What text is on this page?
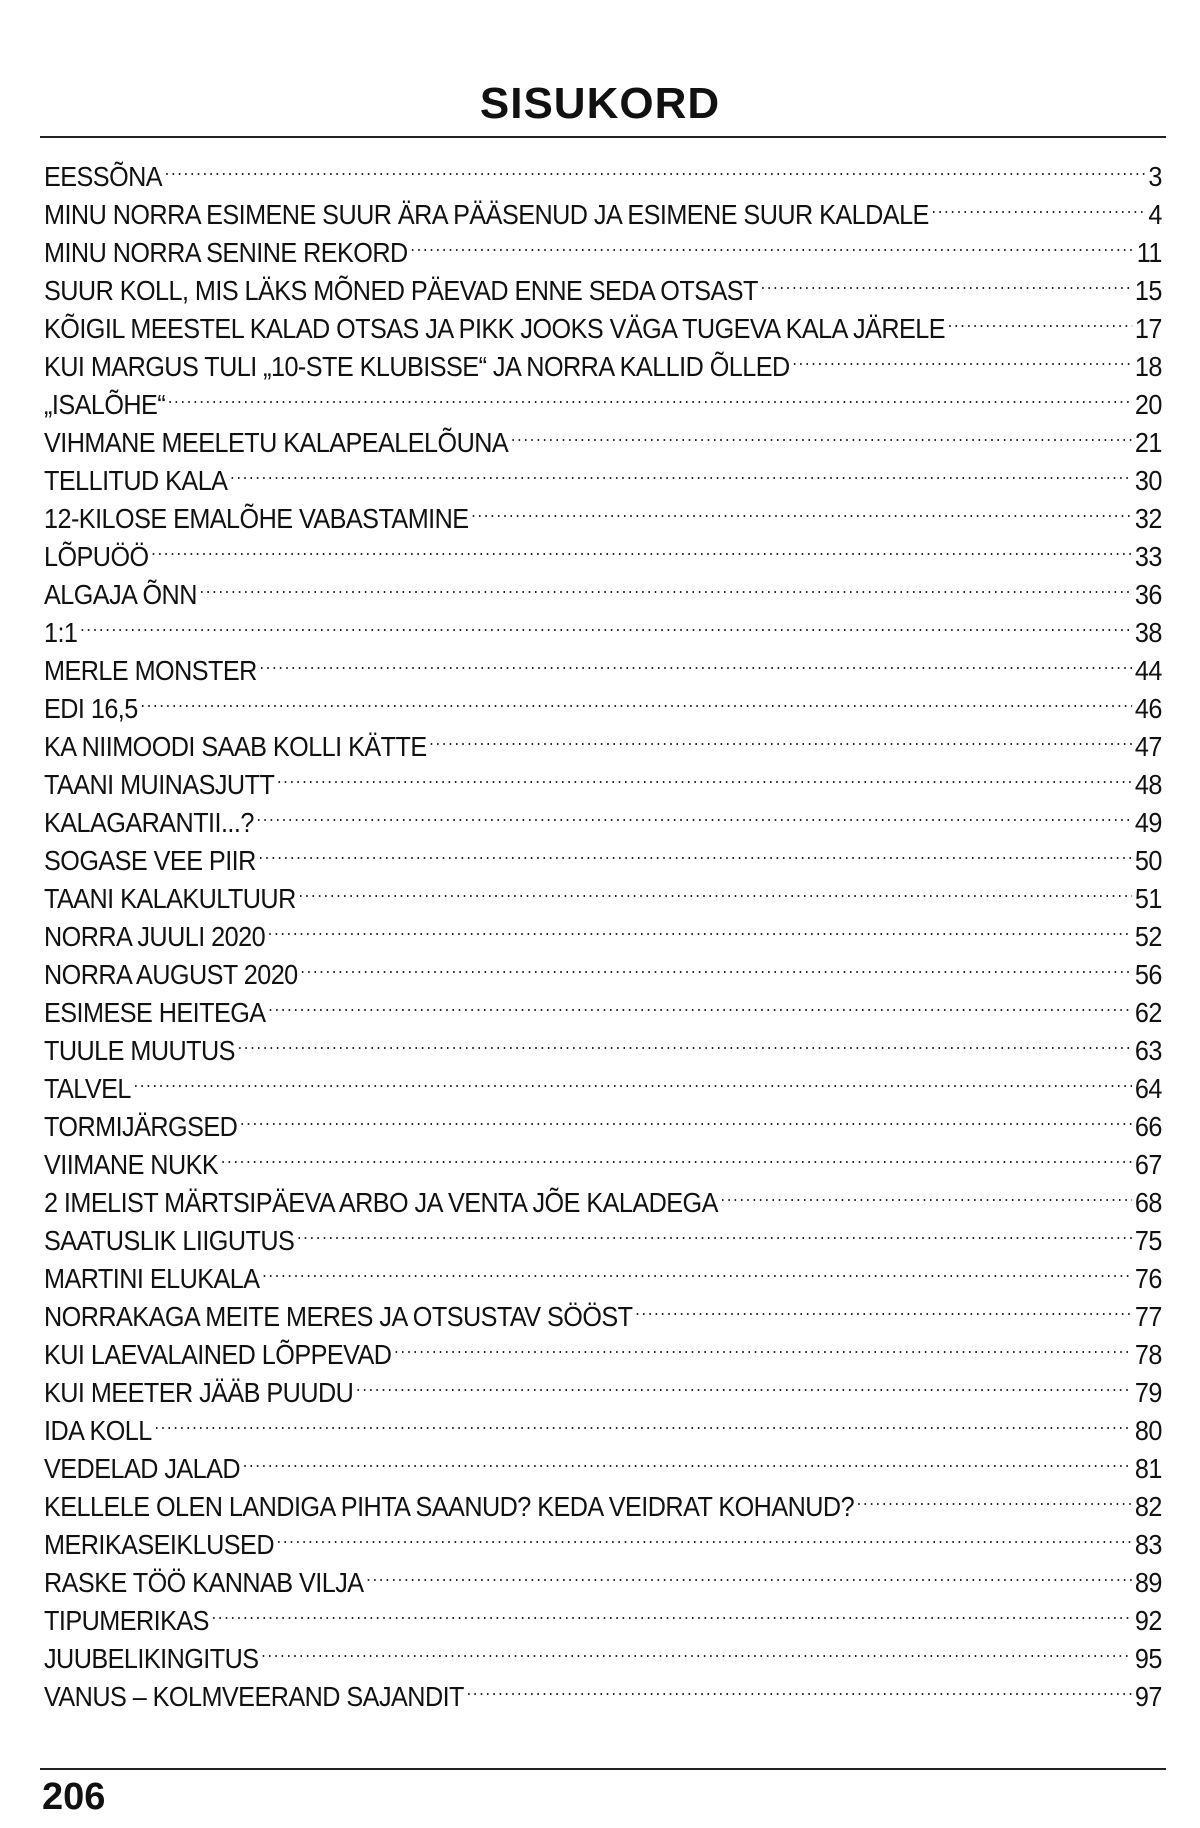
SISUKORD
EESSÕNA .....	3
MINU NORRA ESIMENE SUUR ÄRA PÄÄSENUD JA ESIMENE SUUR KALDALE .....	4
MINU NORRA SENINE REKORD .....	11
SUUR KOLL, MIS LÄKS MÕNED PÄEVAD ENNE SEDA OTSAST .....	15
KÕIGIL MEESTEL KALAD OTSAS JA PIKK JOOKS VÄGA TUGEVA KALA JÄRELE .....	17
KUI MARGUS TULI „10-STE KLUBISSE“ JA NORRA KALLID ÕLLED .....	18
„ISALÕHE“ .....	20
VIHMANE MEELETU KALAPEALELÕUNA .....	21
TELLITUD KALA .....	30
12-KILOSE EMALÕHE VABASTAMINE .....	32
LÕPUÖÖ .....	33
ALGAJA ÕNN .....	36
1:1 .....	38
MERLE MONSTER .....	44
EDI 16,5 .....	46
KA NIIMOODI SAAB KOLLI KÄTTE .....	47
TAANI MUINASJUTT .....	48
KALAGARANTII...? .....	49
SOGASE VEE PIIR .....	50
TAANI KALAKULTUUR .....	51
NORRA JUULI 2020 .....	52
NORRA AUGUST 2020 .....	56
ESIMESE HEITEGA .....	62
TUULE MUUTUS .....	63
TALVEL .....	64
TORMIJÄRGSED .....	66
VIIMANE NUKK .....	67
2 IMELIST MÄRTSIPÄEVA ARBO JA VENTA JÕE KALADEGA .....	68
SAATUSLIK LIIGUTUS .....	75
MARTINI ELUKALA .....	76
NORRAKAGA MEITE MERES JA OTSUSTAV SÖÖST .....	77
KUI LAEVALAINED LÕPPEVAD .....	78
KUI MEETER JÄÄB PUUDU .....	79
IDA KOLL .....	80
VEDELAD JALAD .....	81
KELLELE OLEN LANDIGA PIHTA SAANUD? KEDA VEIDRAT KOHANUD? .....	82
MERIKASEIKLUSED .....	83
RASKE TÖÖ KANNAB VILJA .....	89
TIPUMERIKAS .....	92
JUUBELIKINGITUS .....	95
VANUS – KOLMVEERAND SAJANDIT .....	97
206
